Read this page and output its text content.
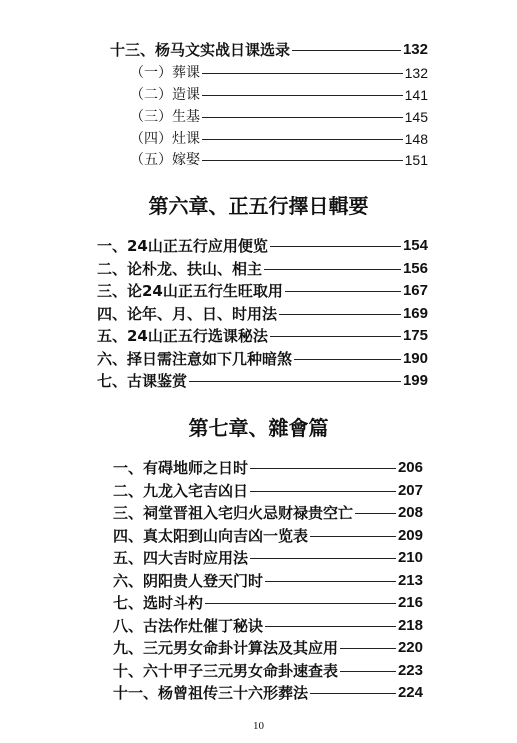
十三、杨马文实战日课选录	132
（一）葬课	132
（二）造课	141
（三）生基	145
（四）灶课	148
（五）嫁娶	151
第六章、正五行擇日輯要
一、24山正五行应用便览	154
二、论朴龙、扶山、相主	156
三、论24山正五行生旺取用	167
四、论年、月、日、时用法	169
五、24山正五行选课秘法	175
六、择日需注意如下几种暗煞	190
七、古课鉴赏	199
第七章、雜會篇
一、有碍地师之日时	206
二、九龙入宅吉凶日	207
三、祠堂晋祖入宅归火忌财禄贵空亡	208
四、真太阳到山向吉凶一览表	209
五、四大吉时应用法	210
六、阴阳贵人登天门时	213
七、选时斗杓	216
八、古法作灶催丁秘诀	218
九、三元男女命卦计算法及其应用	220
十、六十甲子三元男女命卦速查表	223
十一、杨曾祖传三十六形葬法	224
10
